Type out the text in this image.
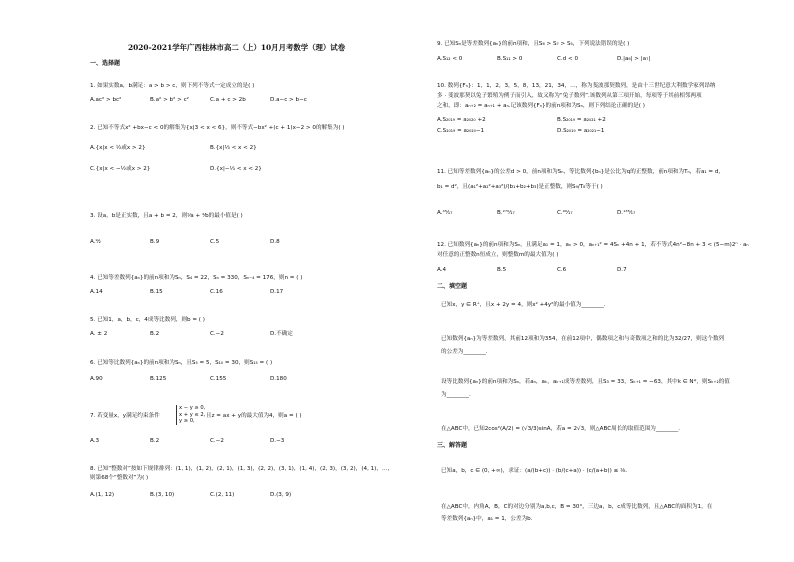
2020-2021学年广西桂林市高二（上）10月月考数学（理）试卷
一、选择题
1. 如果实数a，b满足：a > b > c，则下列不等式一定成立的是( )
A.ac² > bc²	B.a² > b² > c²	C.a + c > 2b	D.a−c > b−c
2. 已知不等式x² +bx−c < 0的解集为{x|3 < x < 6}，则不等式−bx² +(c + 1)x−2 > 0的解集为( )
A.{x|x < ½或x > 2}	B.{x|⅓ < x < 2}
C.{x|x < −½或x > 2}	D.{x|−⅓ < x < 2}
3. 设a，b是正实数，且a + b = 2，则⅟a + ⁴⁄b的最小值是( )
A.⁹⁄₂	B.9	C.5	D.8
4. 已知等差数列{aₙ}的前n项和为Sₙ，S₄ = 22，Sₙ = 330，Sₙ₋₄ = 176，则n = ( )
A.14	B.15	C.16	D.17
5. 已知1，a，b，c，4成等比数列，则b = ( )
A. ± 2	B.2	C.−2	D.不确定
6. 已知等比数列{aₙ}的前n项和为Sₙ，且S₅ = 5，S₁₀ = 30，则S₁₅ = ( )
A.90	B.125	C.155	D.180
7. 若变量x，y满足约束条件
x − y ≥ 0,
x + y ≤ 2,
y ≥ 0,
且z = ax + y的最大值为4，则a = ( )
A.3	B.2	C.−2	D.−3
8. 已知“整数对”按如下规律排列：(1, 1)，(1, 2)，(2, 1)，(1, 3)，(2, 2)，(3, 1)，(1, 4)，(2, 3)，(3, 2)，(4, 1)，…，
则第68个“整数对”为( )
A.(1, 12)	B.(3, 10)	C.(2, 11)	D.(3, 9)
9. 已知Sₙ是等差数列{aₙ}的前n项和，且S₆ > S₇ > S₅，下列说法错误的是( )
A.S₁₂ < 0	B.S₁₁ > 0	C.d < 0	D.|a₆| > |a₇|
10. 数列{Fₙ}：1，1，2，3，5，8，13，21，34，…，称为斐波那契数列，是由十三世纪意大利数学家列昂纳
多 · 斐波那契以兔子繁殖为例子而引入，故又称为“兔子数列”.该数列从第三项开始，每项等于其前相邻两项
之和，即：aₙ₊₂ = aₙ₊₁ + aₙ.记该数列{Fₙ}的前n项和为Sₙ，则下列结论正确的是( )
A.S₂₀₁₉ = a₂₀₂₀ +2	B.S₂₀₁₉ = a₂₀₂₁ +2
C.S₂₀₁₉ = a₂₀₂₀−1	D.S₂₀₁₉ = a₂₀₂₁−1
11. 已知等差数列{aₙ}的公差d > 0，前n项和为Sₙ，等比数列{bₙ}是公比为q的正整数，前n项和为Tₙ，若a₁ = d，
b₁ = d²，且(a₁²+a₂²+a₃²)/(b₁+b₂+b₃)是正整数，则S₉/T₈等于( )
A.⁴⁵⁄₁₇	B.²⁷⁰⁄₁₇	C.⁹⁰⁄₁₇	D.¹³⁵⁄₁₇
12. 已知数列{aₙ}的前n项和为Sₙ，且满足a₁ = 1，aₙ > 0，aₙ₊₁² = 4Sₙ +4n + 1，若不等式4n²−8n + 3 < (5−m)2ⁿ · aₙ
对任意的正整数n恒成立，则整数m的最大值为( )
A.4	B.5	C.6	D.7
二、填空题
已知x，y ∈ R⁺，且x + 2y = 4，则x² +4y²的最小值为________.
已知数列{aₙ}为等差数列，其前12项和为354，在前12项中，偶数项之和与奇数项之和的比为32/27，则这个数列
的公差为________.
设等比数列{aₙ}的前n项和为Sₙ，若aₙ，aₖ，aₖ₊₁成等差数列，且S₃ = 33，Sₖ₊₁ = −63，其中k ∈ N*，则Sₖ₊₂的值
为________.
在△ABC中，已知2cos²(A/2) = (√3/3)sinA，若a = 2√3，则△ABC周长的取值范围为________.
三、解答题
已知a，b，c ∈ (0, +∞)，求证：(a/(b+c)) · (b/(c+a)) · (c/(a+b)) ≤ ⅛.
在△ABC中，内角A，B，C的对边分别为a,b,c，B = 30°，三边a，b，c成等比数列，且△ABC的面积为1，在
等差数列{aₙ}中，a₁ = 1，公差为b.
